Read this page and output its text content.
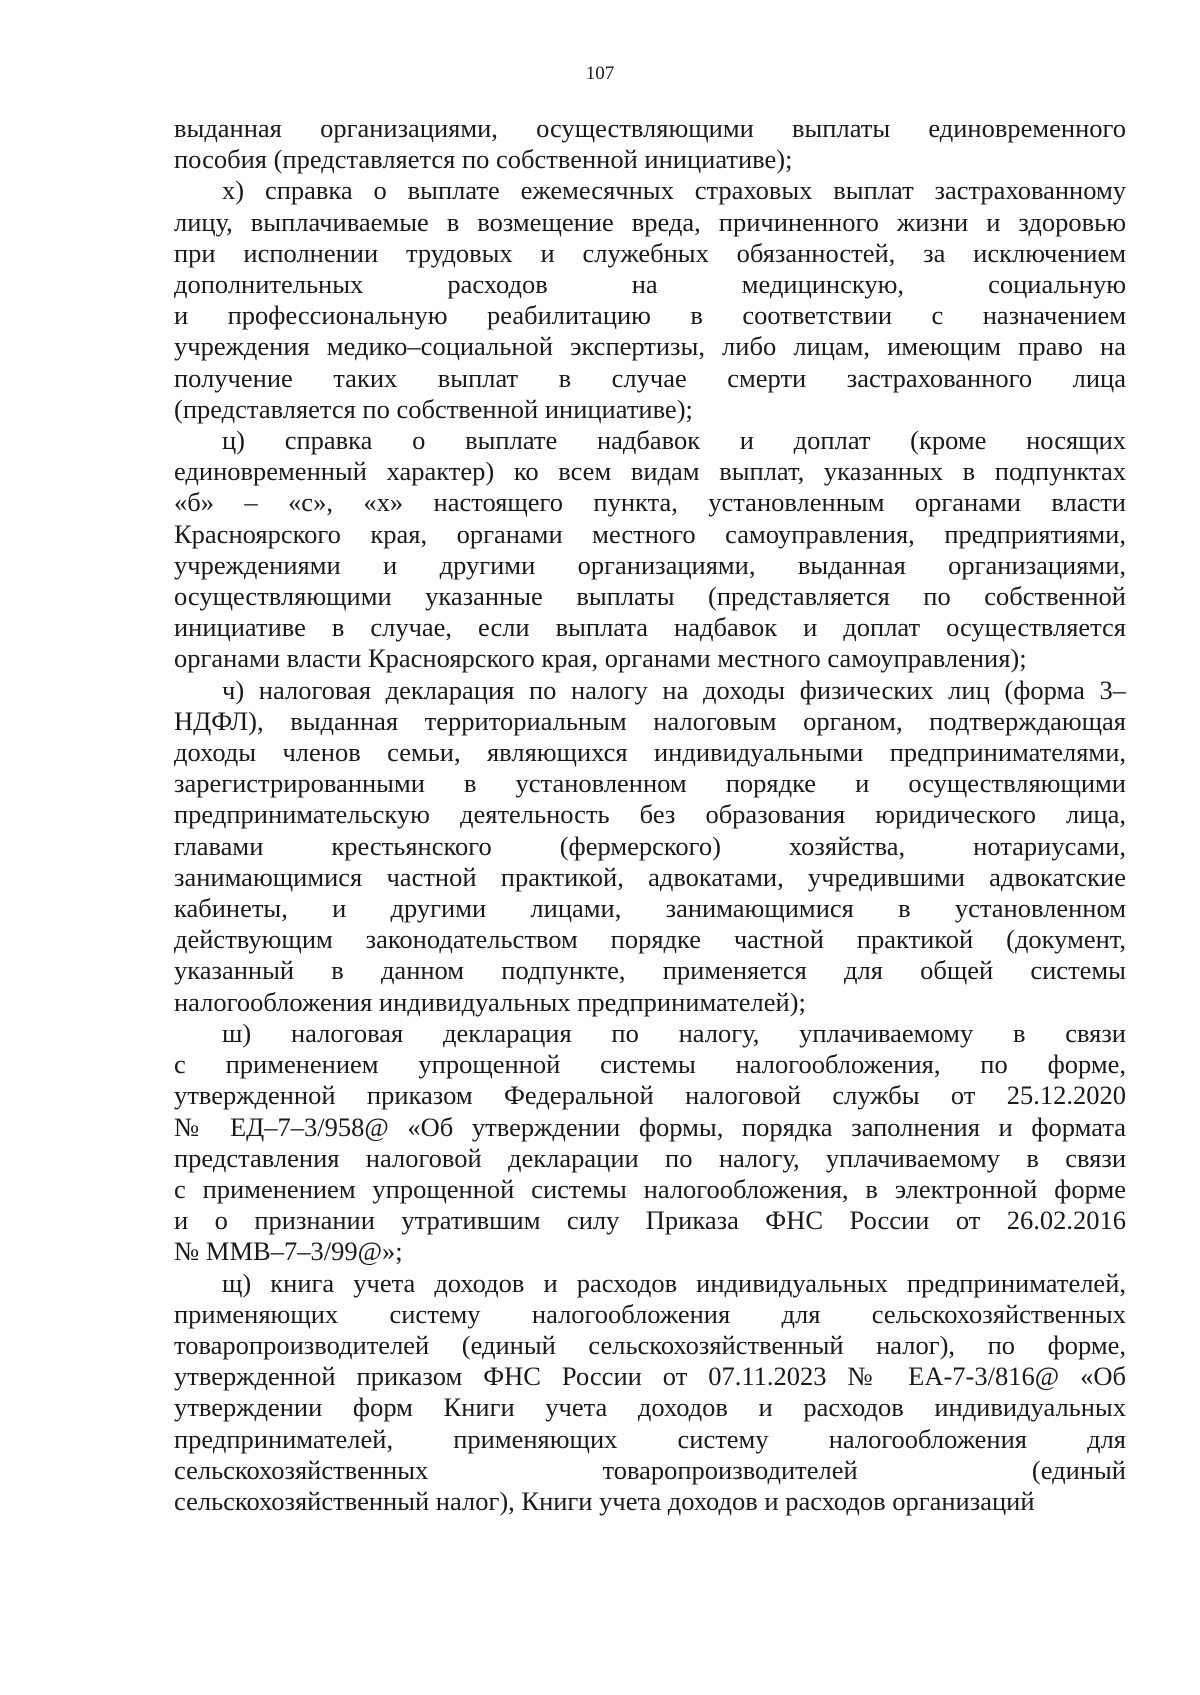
107

выданная организациями, осуществляющими выплаты единовременного
пособия (представляется по собственной инициативе);

х) справка о выплате ежемесячных страховых выплат застрахованному
лицу, выплачиваемые в возмещение вреда, причиненного жизни и здоровью
при исполнении трудовых и служебных обязанностей, за исключением
дополнительных расходов на медицинскую, социальную
и профессиональную реабилитацию в соответствии с назначением
учреждения медико–социальной экспертизы, либо лицам, имеющим право на
получение таких выплат в случае смерти застрахованного лица
(представляется по собственной инициативе);

ц) справка о выплате надбавок и доплат (кроме носящих
единовременный характер) ко всем видам выплат, указанных в подпунктах
«б» – «с», «х» настоящего пункта, установленным органами власти
Красноярского края, органами местного самоуправления, предприятиями,
учреждениями и другими организациями, выданная организациями,
осуществляющими указанные выплаты (представляется по собственной
инициативе в случае, если выплата надбавок и доплат осуществляется
органами власти Красноярского края, органами местного самоуправления);

ч) налоговая декларация по налогу на доходы физических лиц (форма 3–
НДФЛ), выданная территориальным налоговым органом, подтверждающая
доходы членов семьи, являющихся индивидуальными предпринимателями,
зарегистрированными в установленном порядке и осуществляющими
предпринимательскую деятельность без образования юридического лица,
главами крестьянского (фермерского) хозяйства, нотариусами,
занимающимися частной практикой, адвокатами, учредившими адвокатские
кабинеты, и другими лицами, занимающимися в установленном
действующим законодательством порядке частной практикой (документ,
указанный в данном подпункте, применяется для общей системы
налогообложения индивидуальных предпринимателей);

ш) налоговая декларация по налогу, уплачиваемому в связи
с применением упрощенной системы налогообложения, по форме,
утвержденной приказом Федеральной налоговой службы от 25.12.2020
№ ЕД–7–3/958@ «Об утверждении формы, порядка заполнения и формата
представления налоговой декларации по налогу, уплачиваемому в связи
с применением упрощенной системы налогообложения, в электронной форме
и о признании утратившим силу Приказа ФНС России от 26.02.2016
№ ММВ–7–3/99@»;

щ) книга учета доходов и расходов индивидуальных предпринимателей,
применяющих систему налогообложения для сельскохозяйственных
товаропроизводителей (единый сельскохозяйственный налог), по форме,
утвержденной приказом ФНС России от 07.11.2023 № ЕА-7-3/816@ «Об
утверждении форм Книги учета доходов и расходов индивидуальных
предпринимателей, применяющих систему налогообложения для
сельскохозяйственных товаропроизводителей (единый
сельскохозяйственный налог), Книги учета доходов и расходов организаций
